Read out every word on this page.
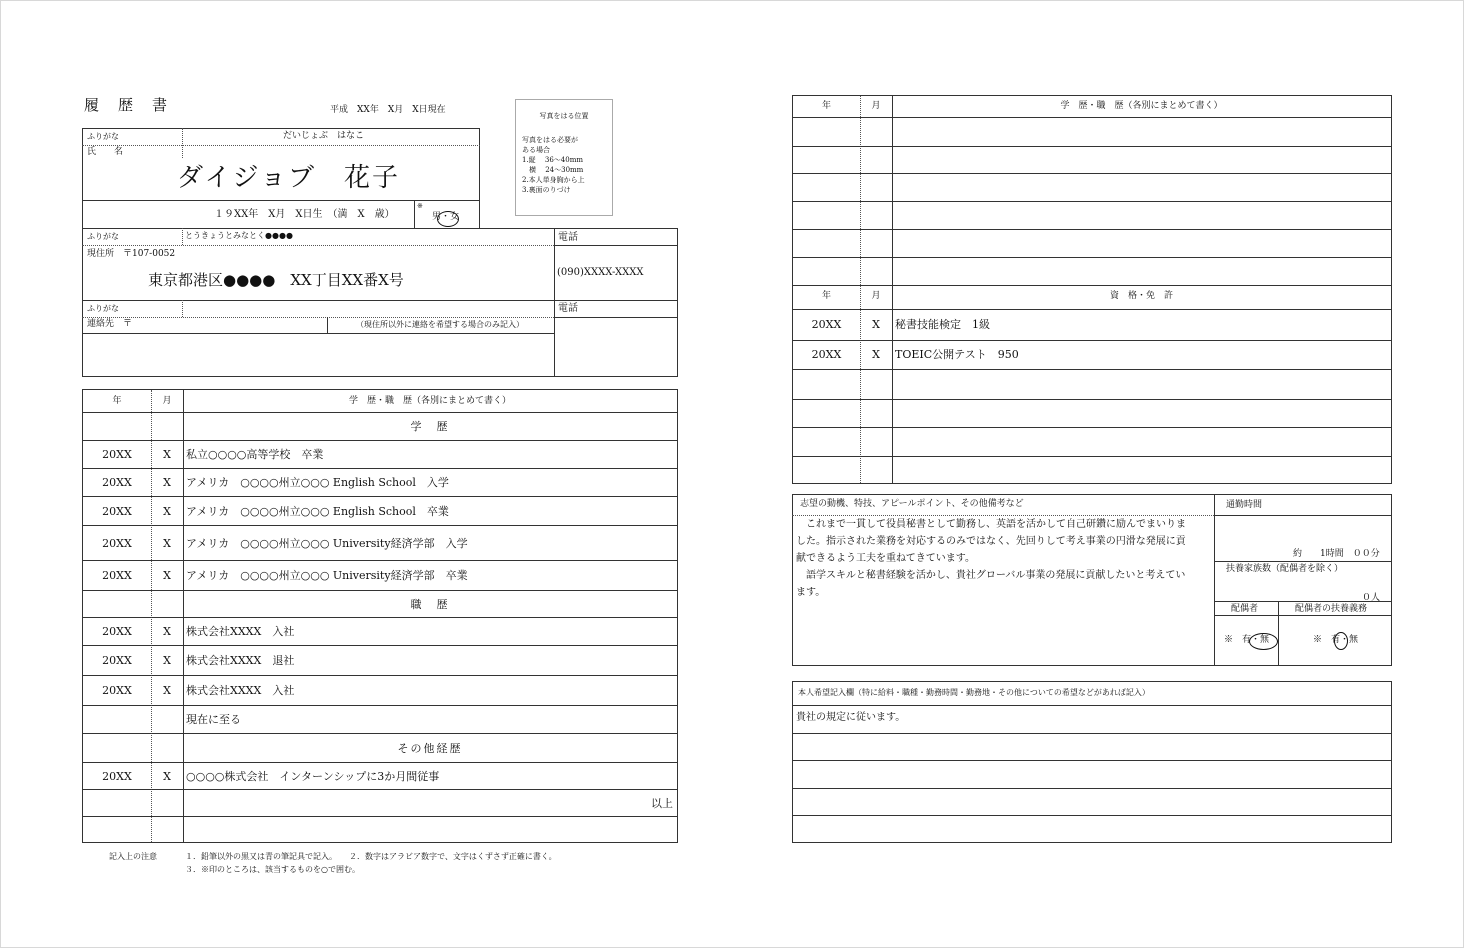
履　歴　書	平成　XX年　X月　X日現在
写真をはる位置
写真をはる必要が
ある場合
1.縦　 36～40mm
　横　 24～30mm
2.本人単身胸から上
3.裏面のりづけ
ふりがな	だいじょぶ　はなこ
氏　　名
ダイジョブ　花子
１９XX年　X月　X日生　（満　X　歳）
※
男・女
ふりがな	とうきょうとみなとく●●●●
現住所　〒107-0052
東京都港区●●●●　XX丁目XX番X号
電話
(090)XXXX-XXXX
ふりがな
連絡先　〒	（現住所以外に連絡を希望する場合のみ記入）
電話
年	月	学　歴・職　歴（各別にまとめて書く）
学　歴
20XX	X	私立○○○○高等学校　卒業
20XX	X	アメリカ　○○○○州立○○○ English School　入学
20XX	X	アメリカ　○○○○州立○○○ English School　卒業
20XX	X	アメリカ　○○○○州立○○○ University経済学部　入学
20XX	X	アメリカ　○○○○州立○○○ University経済学部　卒業
職　歴
20XX	X	株式会社XXXX　入社
20XX	X	株式会社XXXX　退社
20XX	X	株式会社XXXX　入社
現在に至る
その他経歴
20XX	X	○○○○株式会社　インターンシップに3か月間従事
以上
記入上の注意	１．鉛筆以外の黒又は青の筆記具で記入。　　２．数字はアラビア数字で、文字はくずさず正確に書く。
３．※印のところは、該当するものを○で囲む。
年	月	学　歴・職　歴（各別にまとめて書く）
年	月	資　格・免　許
20XX	X	秘書技能検定　1級
20XX	X	TOEIC公開テスト　950
志望の動機、特技、アピールポイント、その他備考など
　これまで一貫して役員秘書として勤務し、英語を活かして自己研鑽に励んでまいりま
した。指示された業務を対応するのみではなく、先回りして考え事業の円滑な発展に貢
献できるよう工夫を重ねてきています。
　語学スキルと秘書経験を活かし、貴社グローバル事業の発展に貢献したいと考えてい
ます。
通勤時間
約　　1時間　００分
扶養家族数（配偶者を除く）
０人
配偶者	配偶者の扶養義務
※　有・無	※　有・無
本人希望記入欄（特に給料・職種・勤務時間・勤務地・その他についての希望などがあれば記入）
貴社の規定に従います。
